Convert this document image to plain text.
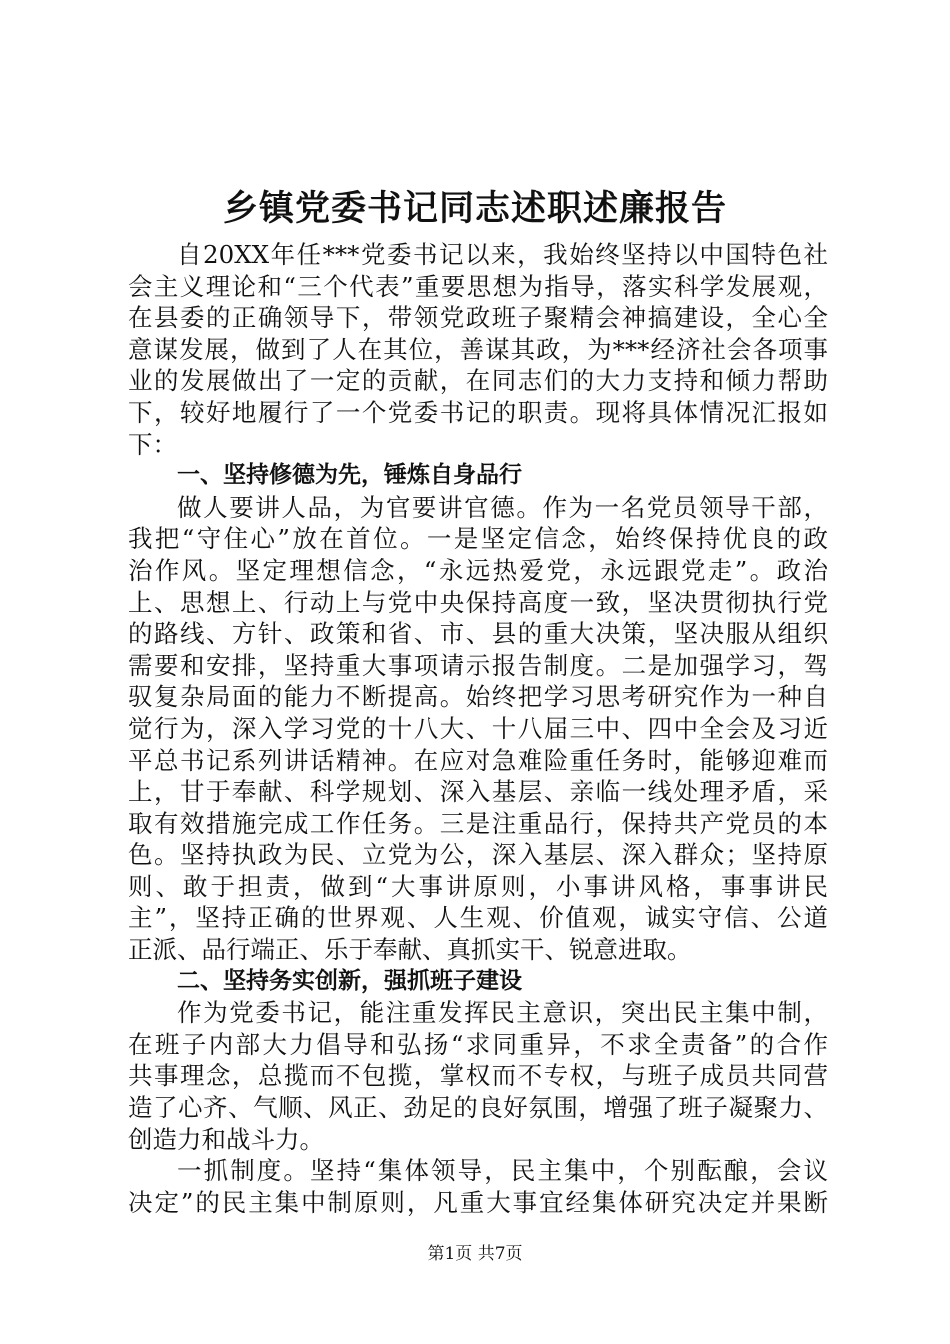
乡镇党委书记同志述职述廉报告
自20XX年任***党委书记以来，我始终坚持以中国特色社
会主义理论和“三个代表”重要思想为指导，落实科学发展观，
在县委的正确领导下，带领党政班子聚精会神搞建设，全心全
意谋发展，做到了人在其位，善谋其政，为***经济社会各项事
业的发展做出了一定的贡献，在同志们的大力支持和倾力帮助
下，较好地履行了一个党委书记的职责。现将具体情况汇报如
下：
一、坚持修德为先，锤炼自身品行
做人要讲人品，为官要讲官德。作为一名党员领导干部，
我把“守住心”放在首位。一是坚定信念，始终保持优良的政
治作风。坚定理想信念，“永远热爱党，永远跟党走”。政治
上、思想上、行动上与党中央保持高度一致，坚决贯彻执行党
的路线、方针、政策和省、市、县的重大决策，坚决服从组织
需要和安排，坚持重大事项请示报告制度。二是加强学习，驾
驭复杂局面的能力不断提高。始终把学习思考研究作为一种自
觉行为，深入学习党的十八大、十八届三中、四中全会及习近
平总书记系列讲话精神。在应对急难险重任务时，能够迎难而
上，甘于奉献、科学规划、深入基层、亲临一线处理矛盾，采
取有效措施完成工作任务。三是注重品行，保持共产党员的本
色。坚持执政为民、立党为公，深入基层、深入群众；坚持原
则、敢于担责，做到“大事讲原则，小事讲风格，事事讲民
主”，坚持正确的世界观、人生观、价值观，诚实守信、公道
正派、品行端正、乐于奉献、真抓实干、锐意进取。
二、坚持务实创新，强抓班子建设
作为党委书记，能注重发挥民主意识，突出民主集中制，
在班子内部大力倡导和弘扬“求同重异，不求全责备”的合作
共事理念，总揽而不包揽，掌权而不专权，与班子成员共同营
造了心齐、气顺、风正、劲足的良好氛围，增强了班子凝聚力、
创造力和战斗力。
一抓制度。坚持“集体领导，民主集中，个别酝酿，会议
决定”的民主集中制原则，凡重大事宜经集体研究决定并果断
第1页 共7页
